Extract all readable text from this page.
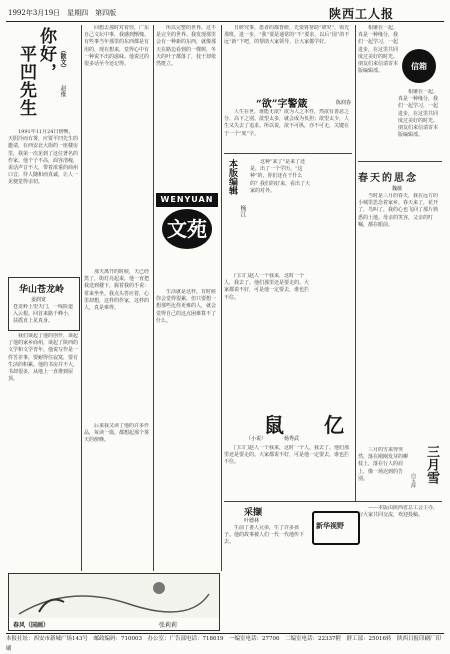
1992年3月19日　星期四　第四版	陕西工人报
你好，
平凹先生	（散文）
赵维

1991年11月24日傍晚，天阴冷而有雾，应贾平凹先生的邀请，在西安北大街的一座楼房里，我第一次见到了这位著名的作家。他个子不高，面容清瘦，说话声音不大，带着浓重的商州口音，待人随和而真诚，让人一见便觉得亲切。

华山苍龙岭
姜润宽
苍龙岭上望天门，一线险道入云根。回首来路千峰小，扶摇直上见真身。

我们谈起了他的创作，谈起了他的家乡商州，谈起了陕西的文学和文学青年。他说写作是一件苦差事，要耐得住寂寞，要有生活的积累。他的书房并不大，书却很多，从地上一直堆到屋顶。

回想去那时对着你，广东自己文坛中事，我感到惭愧。有些事当年那里的东西都是有用的，现在想来，觉得心中有一种说不出的滋味。他说过的很多话至今还记得。

那天离开的时候，天已经黑了，街灯亮起来，他一直把我送到楼下，握着我的手说：常来坐坐。我点头答应着，心里却想，这样的作家，这样的人，真是难得。

后来我又读了他的许多作品，每读一篇，都想起那个雾天的傍晚。

所以完整的世界，这不是完全的世界。我发现那里会有一种新的东西，就像那天在路边看到的一棵树，冬天的叶子都落了，枝干却依然挺立。

生活就是这样，有时候你会觉得很累，但只要想一想那些比你更难的人，就会觉得自己的这点困难算不了什么。

日研究事，患者的都普研，先要将帮助“研究”，领先那班，进一步，“我”要是通常的“不”要求，以后“国”的不远“新”下吧，的帮助大家领导，让大家都学好。

“欲”字警箴	陈润春

人生在世，谁能无欲？欲为人之本性，然欲有善恶之分、高下之别。欲望太多，就会成为负担；欲望太少，人生又失去了追求。所以说，欲不可纵，亦不可无，关键在于一个“度”字。

WENYUAN
文苑
本版编辑
杨江

这种“来了”是来了还是，出了一个学历。“这种”的、你们还在干什么的？我们的好来，看出了大家的对外。

门口门赵人一个我来，这时一个人，我去了、他们那里还是要走的。大家都说不好，可是他一定要去，谁也拦不住。

鼠 亿
（小说）	杨秀武

门口门赵人一个我来，这时一个人，我去了、他们那里还是要走的。大家都说不好，可是他一定要去，谁也拦不住。

信箱

相聚在一起，真是一种缘分，我们一起学习，一起进步，在这里共同度过美好的时光。朋友们来信请寄本版编辑部。

相聚在一起，真是一种缘分，我们一起学习，一起进步，在这里共同度过美好的时光。朋友们来信请寄本版编辑部。

春天的思念
魏薇

当时是三月的春天，我在远方的小城里思念着家乡。春天来了，花开了，鸟叫了，我的心也飞回了那片熟悉的土地。母亲的笑容，父亲的叮嘱，都在眼前。

三月雪
白玉萍

三月的雪来得突然，落在刚刚发芽的柳枝上，落在行人的肩上，像一场迟到的告别。

采撷
叶德林

生前了妻人兄弟，生了许多孩子。他的故事被人们一代一代地传下去。

新华视野

——本版由陕西省总工会主办，与大家共同交流，欢迎投稿。

春风（国画）	张莉莉
本报社址：西安市新城广场143号　邮政编码：710003　办公室：广告部电话：718619　一编室电话：27706　二编室电话：22337附　群工部：25016转　陕西日报印刷厂印刷
